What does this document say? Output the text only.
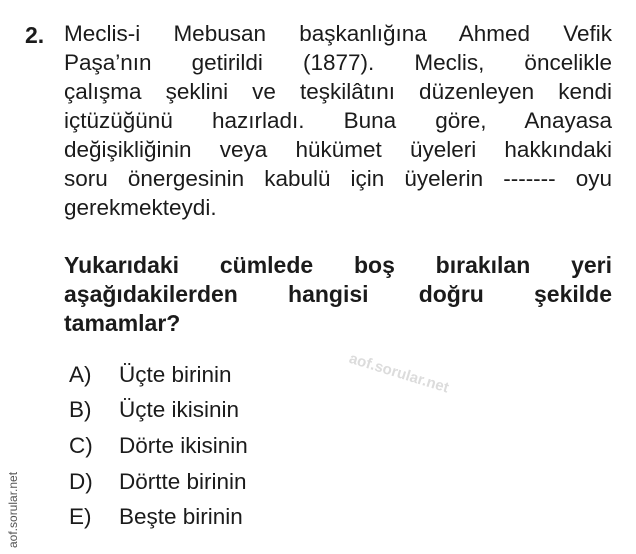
2. Meclis-i Mebusan başkanlığına Ahmed Vefik
Paşa’nın getirildi (1877). Meclis, öncelikle
çalışma şeklini ve teşkilâtını düzenleyen kendi
içtüzüğünü hazırladı. Buna göre, Anayasa
değişikliğinin veya hükümet üyeleri hakkındaki
soru önergesinin kabulü için üyelerin ------- oyu
gerekmekteydi.
Yukarıdaki cümlede boş bırakılan yeri
aşağıdakilerden hangisi doğru şekilde
tamamlar?
A) Üçte birinin
B) Üçte ikisinin
C) Dörte ikisinin
D) Dörtte birinin
E) Beşte birinin
aof.sorular.net
aof.sorular.net
